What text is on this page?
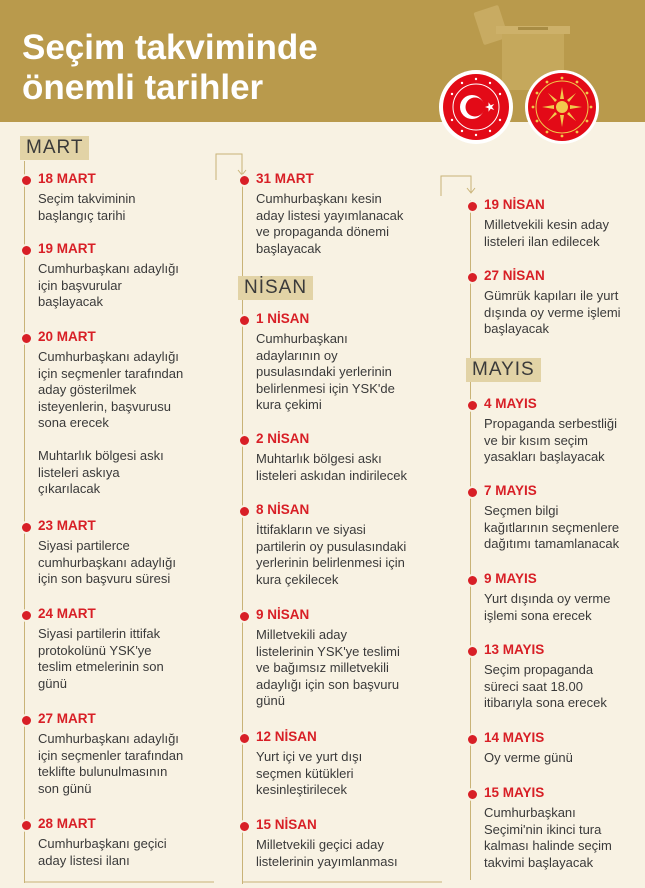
Seçim takviminde
önemli tarihler
MART
18 MART
Seçim takviminin
başlangıç tarihi
19 MART
Cumhurbaşkanı adaylığı
için başvurular
başlayacak
20 MART
Cumhurbaşkanı adaylığı
için seçmenler tarafından
aday gösterilmek
isteyenlerin, başvurusu
sona erecek
Muhtarlık bölgesi askı
listeleri askıya
çıkarılacak
23 MART
Siyasi partilerce
cumhurbaşkanı adaylığı
için son başvuru süresi
24 MART
Siyasi partilerin ittifak
protokolünü YSK'ye
teslim etmelerinin son
günü
27 MART
Cumhurbaşkanı adaylığı
için seçmenler tarafından
teklifte bulunulmasının
son günü
28 MART
Cumhurbaşkanı geçici
aday listesi ilanı
31 MART
Cumhurbaşkanı kesin
aday listesi yayımlanacak
ve propaganda dönemi
başlayacak
NİSAN
1 NİSAN
Cumhurbaşkanı
adaylarının oy
pusulasındaki yerlerinin
belirlenmesi için YSK'de
kura çekimi
2 NİSAN
Muhtarlık bölgesi askı
listeleri askıdan indirilecek
8 NİSAN
İttifakların ve siyasi
partilerin oy pusulasındaki
yerlerinin belirlenmesi için
kura çekilecek
9 NİSAN
Milletvekili aday
listelerinin YSK'ye teslimi
ve bağımsız milletvekili
adaylığı için son başvuru
günü
12 NİSAN
Yurt içi ve yurt dışı
seçmen kütükleri
kesinleştirilecek
15 NİSAN
Milletvekili geçici aday
listelerinin yayımlanması
19 NİSAN
Milletvekili kesin aday
listeleri ilan edilecek
27 NİSAN
Gümrük kapıları ile yurt
dışında oy verme işlemi
başlayacak
MAYIS
4 MAYIS
Propaganda serbestliği
ve bir kısım seçim
yasakları başlayacak
7 MAYIS
Seçmen bilgi
kağıtlarının seçmenlere
dağıtımı tamamlanacak
9 MAYIS
Yurt dışında oy verme
işlemi sona erecek
13 MAYIS
Seçim propaganda
süreci saat 18.00
itibarıyla sona erecek
14 MAYIS
Oy verme günü
15 MAYIS
Cumhurbaşkanı
Seçimi'nin ikinci tura
kalması halinde seçim
takvimi başlayacak
